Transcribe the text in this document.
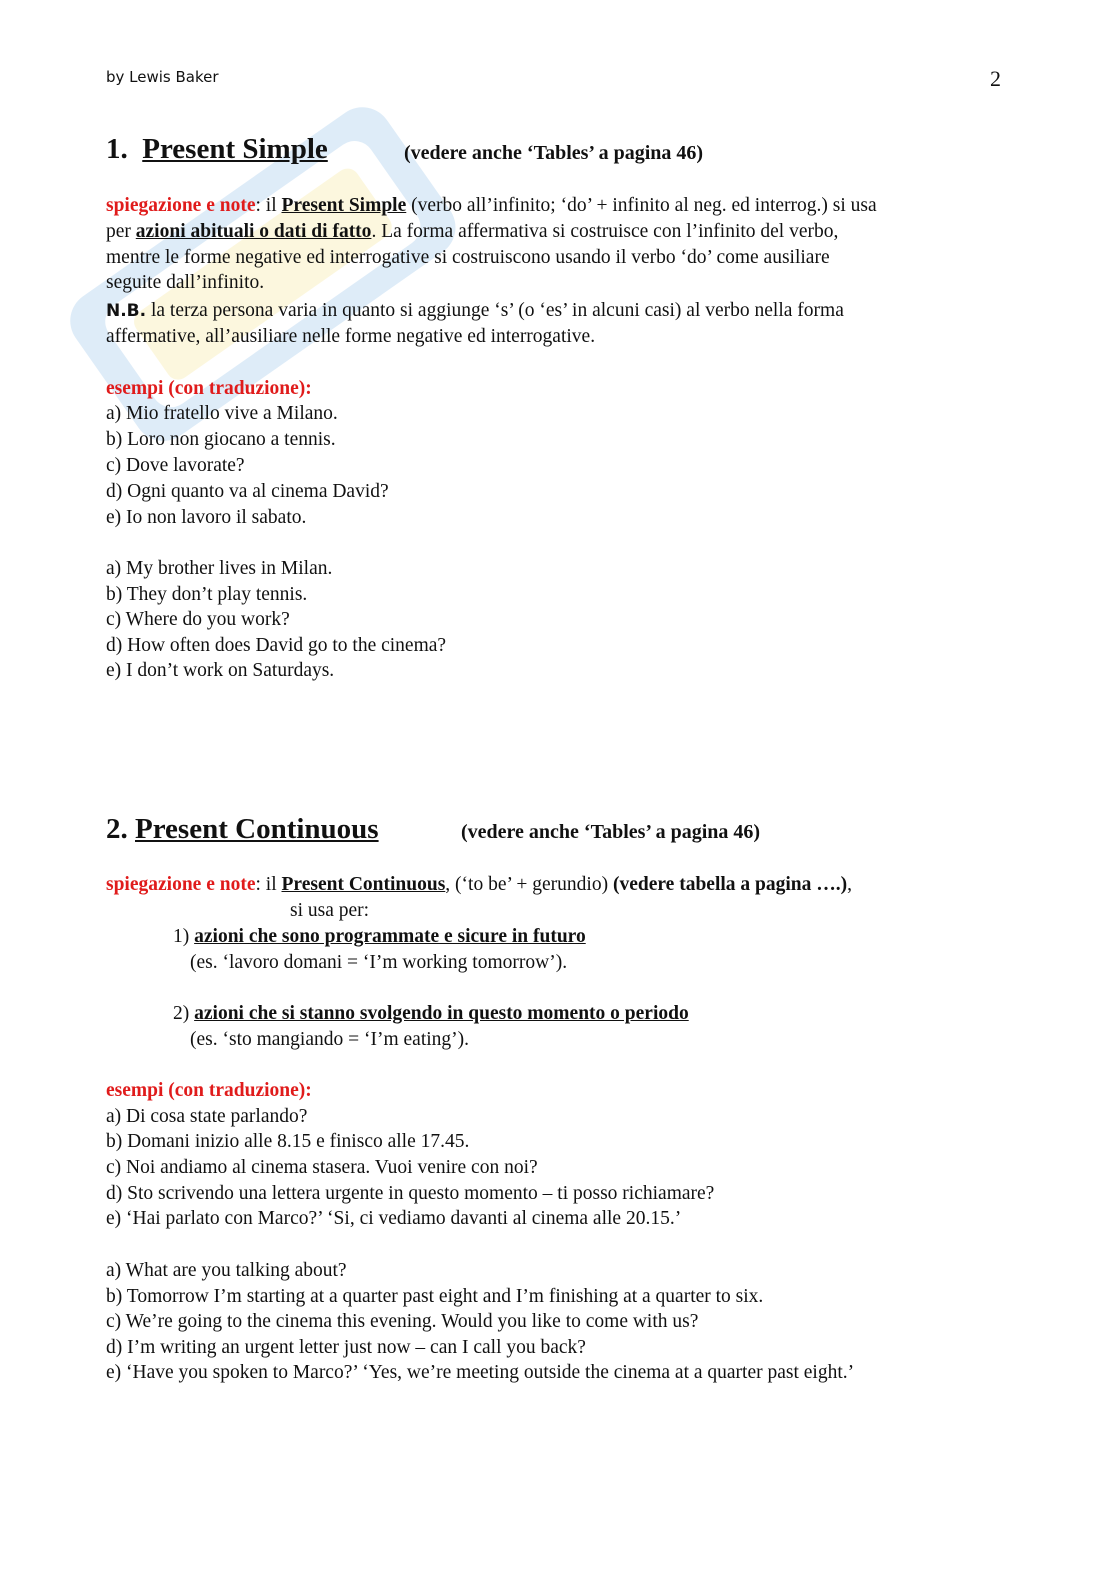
by Lewis Baker	2
1. Present Simple	(vedere anche ‘Tables’ a pagina 46)
spiegazione e note: il Present Simple (verbo all’infinito; ‘do’ + infinito al neg. ed interrog.) si usa
per azioni abituali o dati di fatto. La forma affermativa si costruisce con l’infinito del verbo,
mentre le forme negative ed interrogative si costruiscono usando il verbo ‘do’ come ausiliare
seguite dall’infinito.
N.B. la terza persona varia in quanto si aggiunge ‘s’ (o ‘es’ in alcuni casi) al verbo nella forma
affermative, all’ausiliare nelle forme negative ed interrogative.
esempi (con traduzione):
a) Mio fratello vive a Milano.
b) Loro non giocano a tennis.
c) Dove lavorate?
d) Ogni quanto va al cinema David?
e) Io non lavoro il sabato.
a) My brother lives in Milan.
b) They don’t play tennis.
c) Where do you work?
d) How often does David go to the cinema?
e) I don’t work on Saturdays.
2. Present Continuous	(vedere anche ‘Tables’ a pagina 46)
spiegazione e note: il Present Continuous, (‘to be’ + gerundio) (vedere tabella a pagina ….),
si usa per:
1) azioni che sono programmate e sicure in futuro
(es. ‘lavoro domani = ‘I’m working tomorrow’).
2) azioni che si stanno svolgendo in questo momento o periodo
(es. ‘sto mangiando = ‘I’m eating’).
esempi (con traduzione):
a) Di cosa state parlando?
b) Domani inizio alle 8.15 e finisco alle 17.45.
c) Noi andiamo al cinema stasera. Vuoi venire con noi?
d) Sto scrivendo una lettera urgente in questo momento – ti posso richiamare?
e) ‘Hai parlato con Marco?’ ‘Si, ci vediamo davanti al cinema alle 20.15.’
a) What are you talking about?
b) Tomorrow I’m starting at a quarter past eight and I’m finishing at a quarter to six.
c) We’re going to the cinema this evening. Would you like to come with us?
d) I’m writing an urgent letter just now – can I call you back?
e) ‘Have you spoken to Marco?’ ‘Yes, we’re meeting outside the cinema at a quarter past eight.’
